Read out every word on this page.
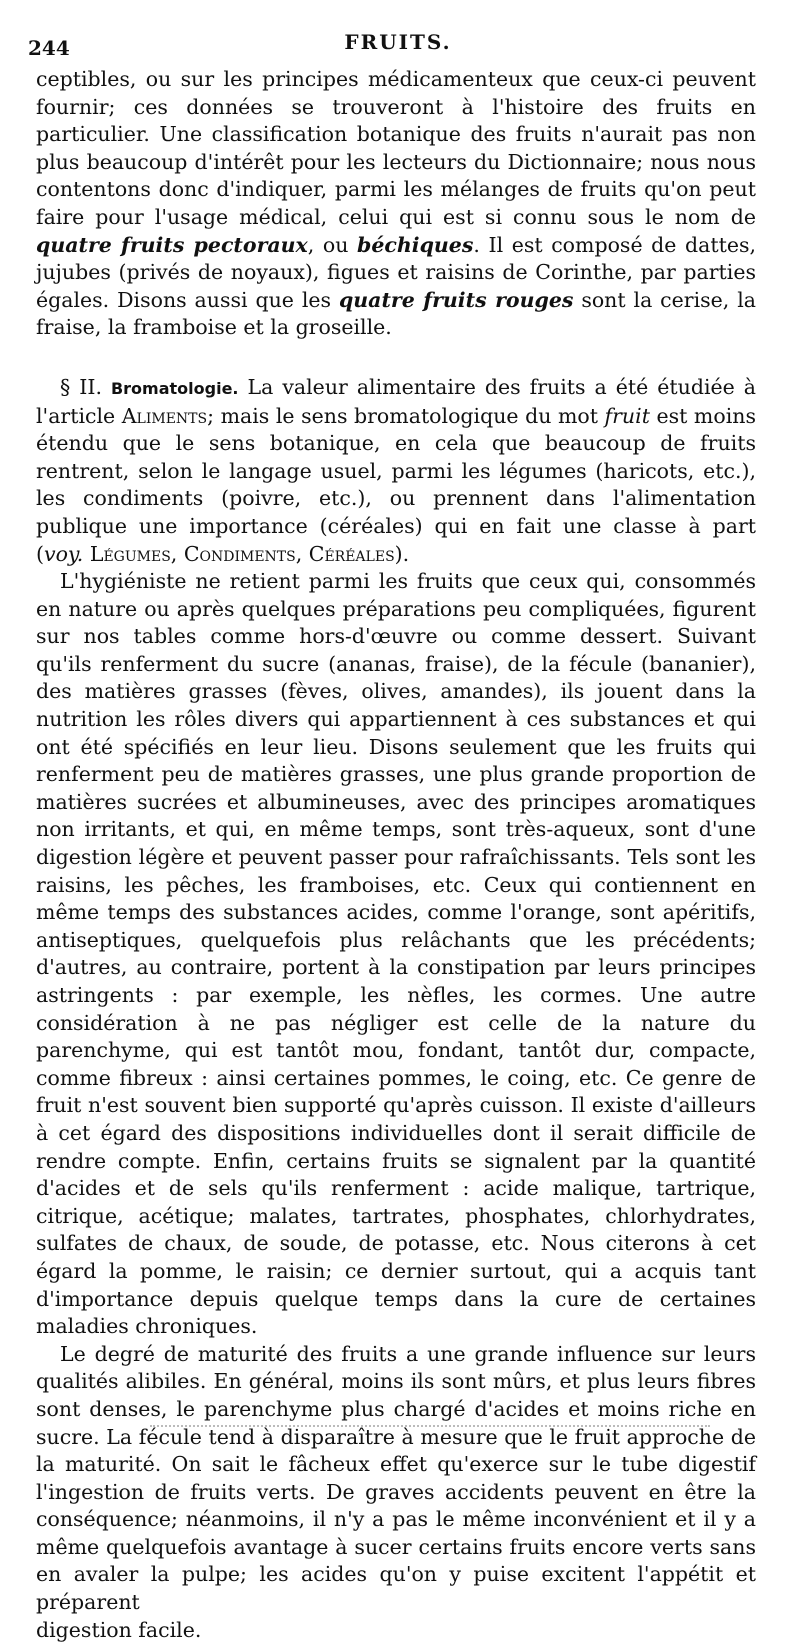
244	FRUITS.

ceptibles, ou sur les principes médicamenteux que ceux-ci peuvent fournir; ces données se trouveront à l'histoire des fruits en particulier. Une classification botanique des fruits n'aurait pas non plus beaucoup d'intérêt pour les lecteurs du Dictionnaire; nous nous contentons donc d'indiquer, parmi les mélanges de fruits qu'on peut faire pour l'usage médical, celui qui est si connu sous le nom de quatre fruits pectoraux, ou béchiques. Il est composé de dattes, jujubes (privés de noyaux), figues et raisins de Corinthe, par parties égales. Disons aussi que les quatre fruits rouges sont la cerise, la fraise, la framboise et la groseille.

§ II. Bromatologie. La valeur alimentaire des fruits a été étudiée à l'article Aliments; mais le sens bromatologique du mot fruit est moins étendu que le sens botanique, en cela que beaucoup de fruits rentrent, selon le langage usuel, parmi les légumes (haricots, etc.), les condiments (poivre, etc.), ou prennent dans l'alimentation publique une importance (céréales) qui en fait une classe à part (voy. Légumes, Condiments, Céréales).

L'hygiéniste ne retient parmi les fruits que ceux qui, consommés en nature ou après quelques préparations peu compliquées, figurent sur nos tables comme hors-d'œuvre ou comme dessert. Suivant qu'ils renferment du sucre (ananas, fraise), de la fécule (bananier), des matières grasses (fèves, olives, amandes), ils jouent dans la nutrition les rôles divers qui appartiennent à ces substances et qui ont été spécifiés en leur lieu. Disons seulement que les fruits qui renferment peu de matières grasses, une plus grande proportion de matières sucrées et albumineuses, avec des principes aromatiques non irritants, et qui, en même temps, sont très-aqueux, sont d'une digestion légère et peuvent passer pour rafraîchissants. Tels sont les raisins, les pêches, les framboises, etc. Ceux qui contiennent en même temps des substances acides, comme l'orange, sont apéritifs, antiseptiques, quelquefois plus relâchants que les précédents; d'autres, au contraire, portent à la constipation par leurs principes astringents : par exemple, les nèfles, les cormes. Une autre considération à ne pas négliger est celle de la nature du parenchyme, qui est tantôt mou, fondant, tantôt dur, compacte, comme fibreux : ainsi certaines pommes, le coing, etc. Ce genre de fruit n'est souvent bien supporté qu'après cuisson. Il existe d'ailleurs à cet égard des dispositions individuelles dont il serait difficile de rendre compte. Enfin, certains fruits se signalent par la quantité d'acides et de sels qu'ils renferment : acide malique, tartrique, citrique, acétique; malates, tartrates, phosphates, chlorhydrates, sulfates de chaux, de soude, de potasse, etc. Nous citerons à cet égard la pomme, le raisin; ce dernier surtout, qui a acquis tant d'importance depuis quelque temps dans la cure de certaines maladies chroniques.

Le degré de maturité des fruits a une grande influence sur leurs qualités alibiles. En général, moins ils sont mûrs, et plus leurs fibres sont denses, le parenchyme plus chargé d'acides et moins riche en sucre. La fécule tend à disparaître à mesure que le fruit approche de la maturité. On sait le fâcheux effet qu'exerce sur le tube digestif l'ingestion de fruits verts. De graves accidents peuvent en être la conséquence; néanmoins, il n'y a pas le même inconvénient et il y a même quelquefois avantage à sucer certains fruits encore verts sans en avaler la pulpe; les acides qu'on y puise excitent l'appétit et préparent

digestion facile.
